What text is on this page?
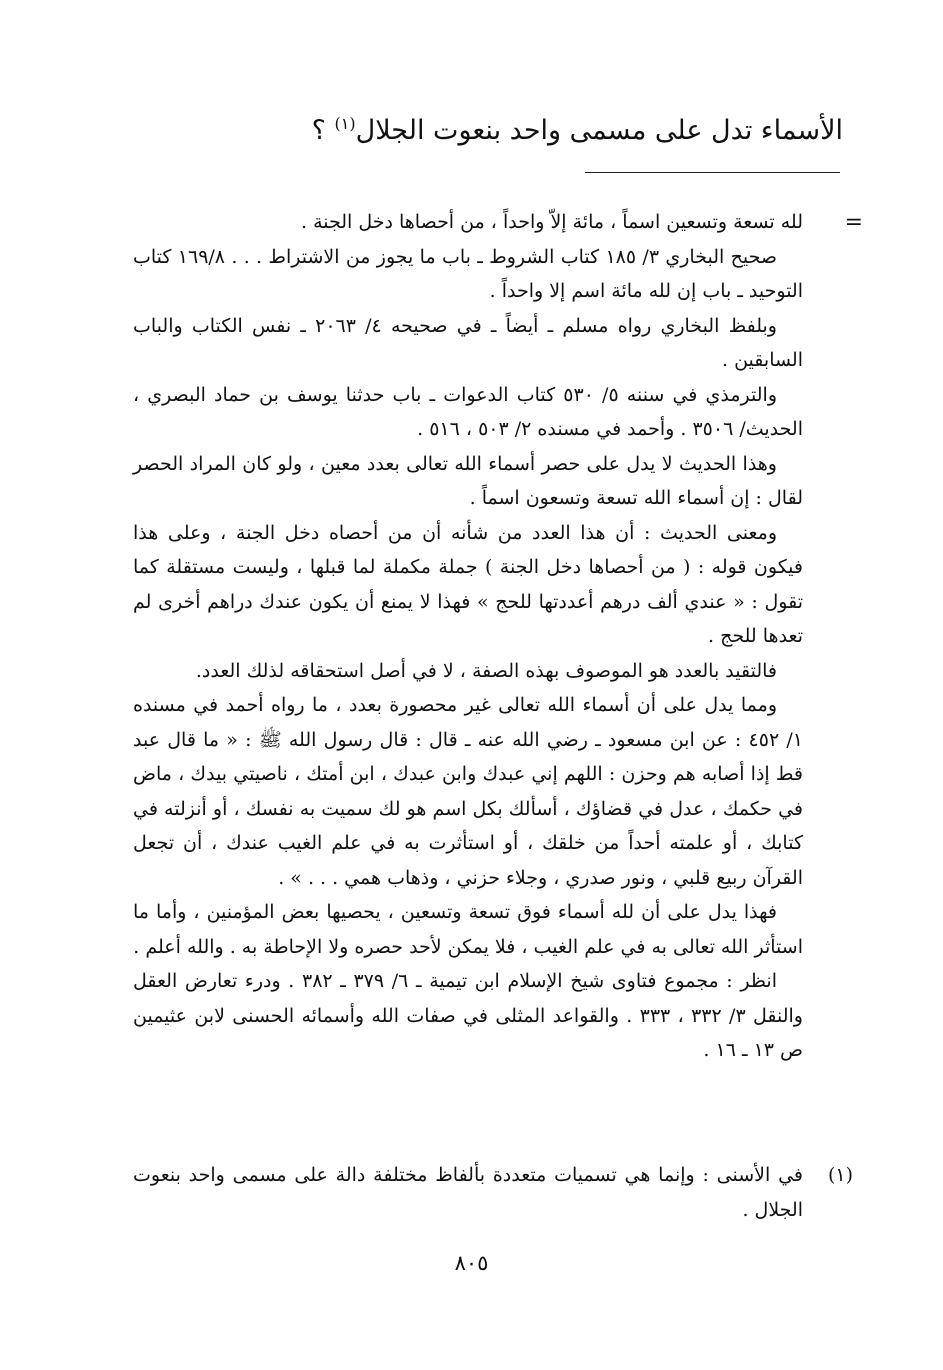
الأسماء تدل على مسمى واحد بنعوت الجلال$^{(١)}$ ؟
=

لله تسعة وتسعين اسماً ، مائة إلاّ واحداً ، من أحصاها دخل الجنة .

صحيح البخاري ٣/ ١٨٥ كتاب الشروط ـ باب ما يجوز من الاشتراط . . . ١٦٩/٨ كتاب التوحيد ـ باب إن لله مائة اسم إلا واحداً .

وبلفظ البخاري رواه مسلم ـ أيضاً ـ في صحيحه ٤/ ٢٠٦٣ ـ نفس الكتاب والباب السابقين .

والترمذي في سننه ٥/ ٥٣٠ كتاب الدعوات ـ باب حدثنا يوسف بن حماد البصري ، الحديث/ ٣٥٠٦ . وأحمد في مسنده ٢/ ٥٠٣ ، ٥١٦ .

وهذا الحديث لا يدل على حصر أسماء الله تعالى بعدد معين ، ولو كان المراد الحصر لقال : إن أسماء الله تسعة وتسعون اسماً .

ومعنى الحديث : أن هذا العدد من شأنه أن من أحصاه دخل الجنة ، وعلى هذا فيكون قوله : ( من أحصاها دخل الجنة ) جملة مكملة لما قبلها ، وليست مستقلة كما تقول : « عندي ألف درهم أعددتها للحج » فهذا لا يمنع أن يكون عندك دراهم أخرى لم تعدها للحج .

فالتقيد بالعدد هو الموصوف بهذه الصفة ، لا في أصل استحقاقه لذلك العدد.

ومما يدل على أن أسماء الله تعالى غير محصورة بعدد ، ما رواه أحمد في مسنده ١/ ٤٥٢ : عن ابن مسعود ـ رضي الله عنه ـ قال : قال رسول الله ﷺ : « ما قال عبد قط إذا أصابه هم وحزن : اللهم إني عبدك وابن عبدك ، ابن أمتك ، ناصيتي بيدك ، ماض في حكمك ، عدل في قضاؤك ، أسألك بكل اسم هو لك سميت به نفسك ، أو أنزلته في كتابك ، أو علمته أحداً من خلقك ، أو استأثرت به في علم الغيب عندك ، أن تجعل القرآن ربيع قلبي ، ونور صدري ، وجلاء حزني ، وذهاب همي . . . » .

فهذا يدل على أن لله أسماء فوق تسعة وتسعين ، يحصيها بعض المؤمنين ، وأما ما استأثر الله تعالى به في علم الغيب ، فلا يمكن لأحد حصره ولا الإحاطة به . والله أعلم .

انظر : مجموع فتاوى شيخ الإسلام ابن تيمية ـ ٦/ ٣٧٩ ـ ٣٨٢ . ودرء تعارض العقل والنقل ٣/ ٣٣٢ ، ٣٣٣ . والقواعد المثلى في صفات الله وأسمائه الحسنى لابن عثيمين ص ١٣ ـ ١٦ .

(١)
في الأسنى : وإنما هي تسميات متعددة بألفاظ مختلفة دالة على مسمى واحد بنعوت الجلال .
٨٠٥
